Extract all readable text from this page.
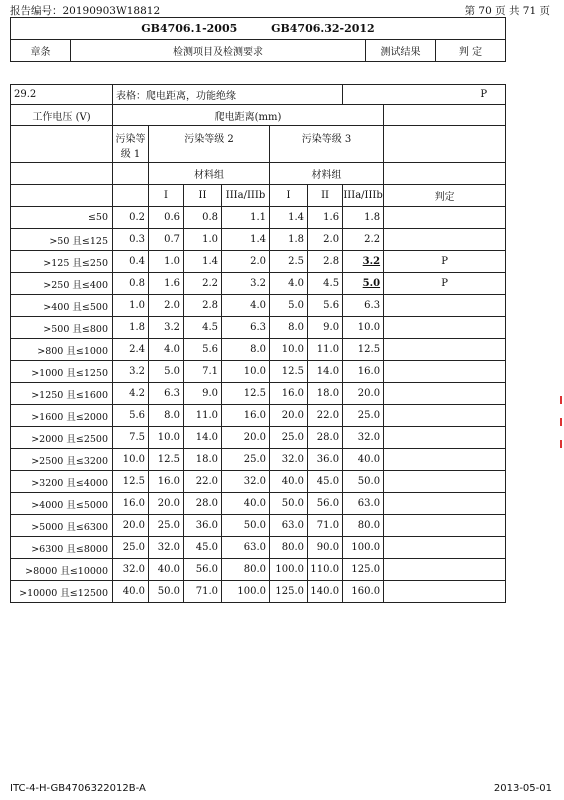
报告编号：20190903W18812	第 70 页 共 71 页
GB4706.1-2005 GB4706.32-2012
章条	检测项目及检测要求	测试结果	判 定
29.2	表格：爬电距离，功能绝缘						P	
工作电压 (V)	爬电距离(mm)							
	污染等级 1	污染等级 2			污染等级 3			
		材料组			材料组			
		I	II	IIIa/IIIb	I	II	IIIa/IIIb	判定
≤50	0.2	0.6	0.8	1.1	1.4	1.6	1.8	
>50 且≤125	0.3	0.7	1.0	1.4	1.8	2.0	2.2	
>125 且≤250	0.4	1.0	1.4	2.0	2.5	2.8	3.2	P
>250 且≤400	0.8	1.6	2.2	3.2	4.0	4.5	5.0	P
>400 且≤500	1.0	2.0	2.8	4.0	5.0	5.6	6.3	
>500 且≤800	1.8	3.2	4.5	6.3	8.0	9.0	10.0	
>800 且≤1000	2.4	4.0	5.6	8.0	10.0	11.0	12.5	
>1000 且≤1250	3.2	5.0	7.1	10.0	12.5	14.0	16.0	
>1250 且≤1600	4.2	6.3	9.0	12.5	16.0	18.0	20.0	
>1600 且≤2000	5.6	8.0	11.0	16.0	20.0	22.0	25.0	
>2000 且≤2500	7.5	10.0	14.0	20.0	25.0	28.0	32.0	
>2500 且≤3200	10.0	12.5	18.0	25.0	32.0	36.0	40.0	
>3200 且≤4000	12.5	16.0	22.0	32.0	40.0	45.0	50.0	
>4000 且≤5000	16.0	20.0	28.0	40.0	50.0	56.0	63.0	
>5000 且≤6300	20.0	25.0	36.0	50.0	63.0	71.0	80.0	
>6300 且≤8000	25.0	32.0	45.0	63.0	80.0	90.0	100.0	
>8000 且≤10000	32.0	40.0	56.0	80.0	100.0	110.0	125.0	
>10000 且≤12500	40.0	50.0	71.0	100.0	125.0	140.0	160.0	
ITC-4-H-GB4706322012B-A	2013-05-01
